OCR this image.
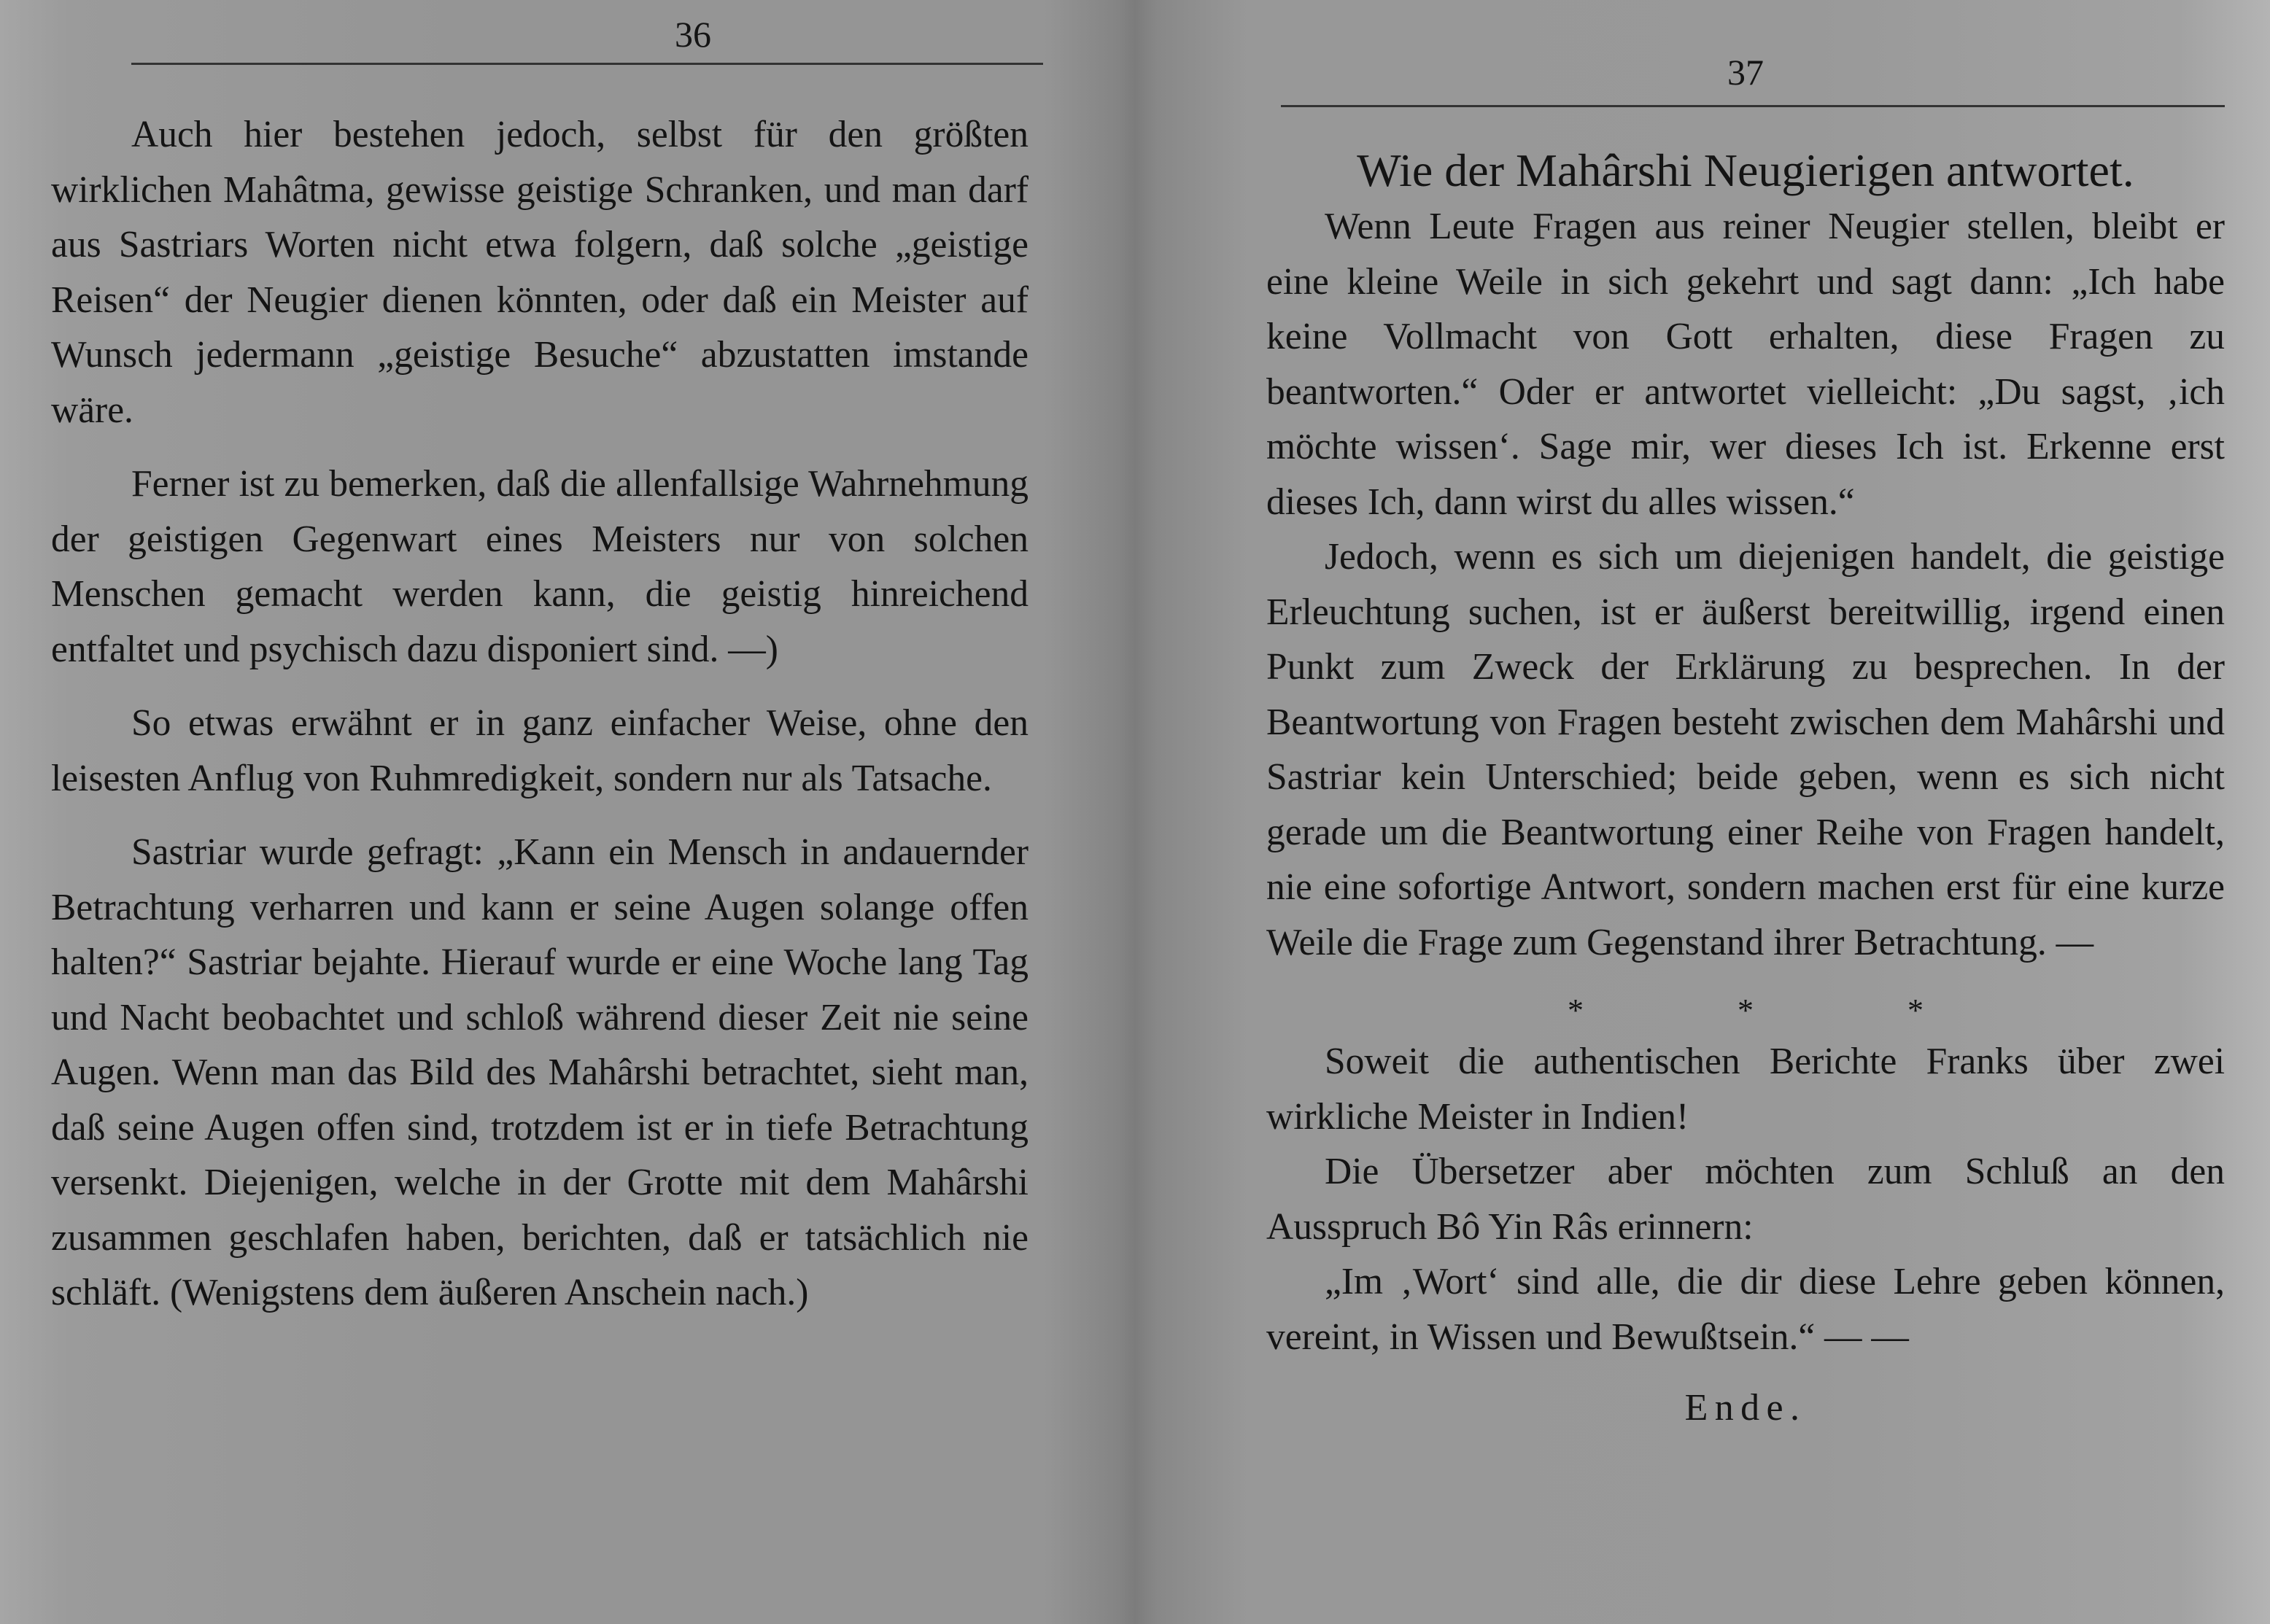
36

Auch hier bestehen jedoch, selbst für den größten wirklichen Mahâtma, gewisse geistige Schranken, und man darf aus Sastriars Worten nicht etwa folgern, daß solche „geistige Reisen“ der Neugier dienen könnten, oder daß ein Meister auf Wunsch jedermann „geistige Besuche“ abzustatten imstande wäre.

Ferner ist zu bemerken, daß die allenfallsige Wahrnehmung der geistigen Gegenwart eines Meisters nur von solchen Menschen gemacht werden kann, die geistig hinreichend entfaltet und psychisch dazu disponiert sind. —)

So etwas erwähnt er in ganz einfacher Weise, ohne den leisesten Anflug von Ruhmredigkeit, sondern nur als Tatsache.

Sastriar wurde gefragt: „Kann ein Mensch in andauernder Betrachtung verharren und kann er seine Augen solange offen halten?“ Sastriar bejahte. Hierauf wurde er eine Woche lang Tag und Nacht beobachtet und schloß während dieser Zeit nie seine Augen. Wenn man das Bild des Mahârshi betrachtet, sieht man, daß seine Augen offen sind, trotzdem ist er in tiefe Betrachtung versenkt. Diejenigen, welche in der Grotte mit dem Mahârshi zusammen geschlafen haben, berichten, daß er tatsächlich nie schläft. (Wenigstens dem äußeren Anschein nach.)

37
Wie der Mahârshi Neugierigen antwortet.

Wenn Leute Fragen aus reiner Neugier stellen, bleibt er eine kleine Weile in sich gekehrt und sagt dann: „Ich habe keine Vollmacht von Gott erhalten, diese Fragen zu beantworten.“ Oder er antwortet vielleicht: „Du sagst, ‚ich möchte wissen‘. Sage mir, wer dieses Ich ist. Erkenne erst dieses Ich, dann wirst du alles wissen.“

Jedoch, wenn es sich um diejenigen handelt, die geistige Erleuchtung suchen, ist er äußerst bereitwillig, irgend einen Punkt zum Zweck der Erklärung zu besprechen. In der Beantwortung von Fragen besteht zwischen dem Mahârshi und Sastriar kein Unterschied; beide geben, wenn es sich nicht gerade um die Beantwortung einer Reihe von Fragen handelt, nie eine sofortige Antwort, sondern machen erst für eine kurze Weile die Frage zum Gegenstand ihrer Betrachtung. —

*	*	*

Soweit die authentischen Berichte Franks über zwei wirkliche Meister in Indien!

Die Übersetzer aber möchten zum Schluß an den Ausspruch Bô Yin Râs erinnern:

„Im ‚Wort‘ sind alle, die dir diese Lehre geben können, vereint, in Wissen und Bewußtsein.“ — —

Ende.
